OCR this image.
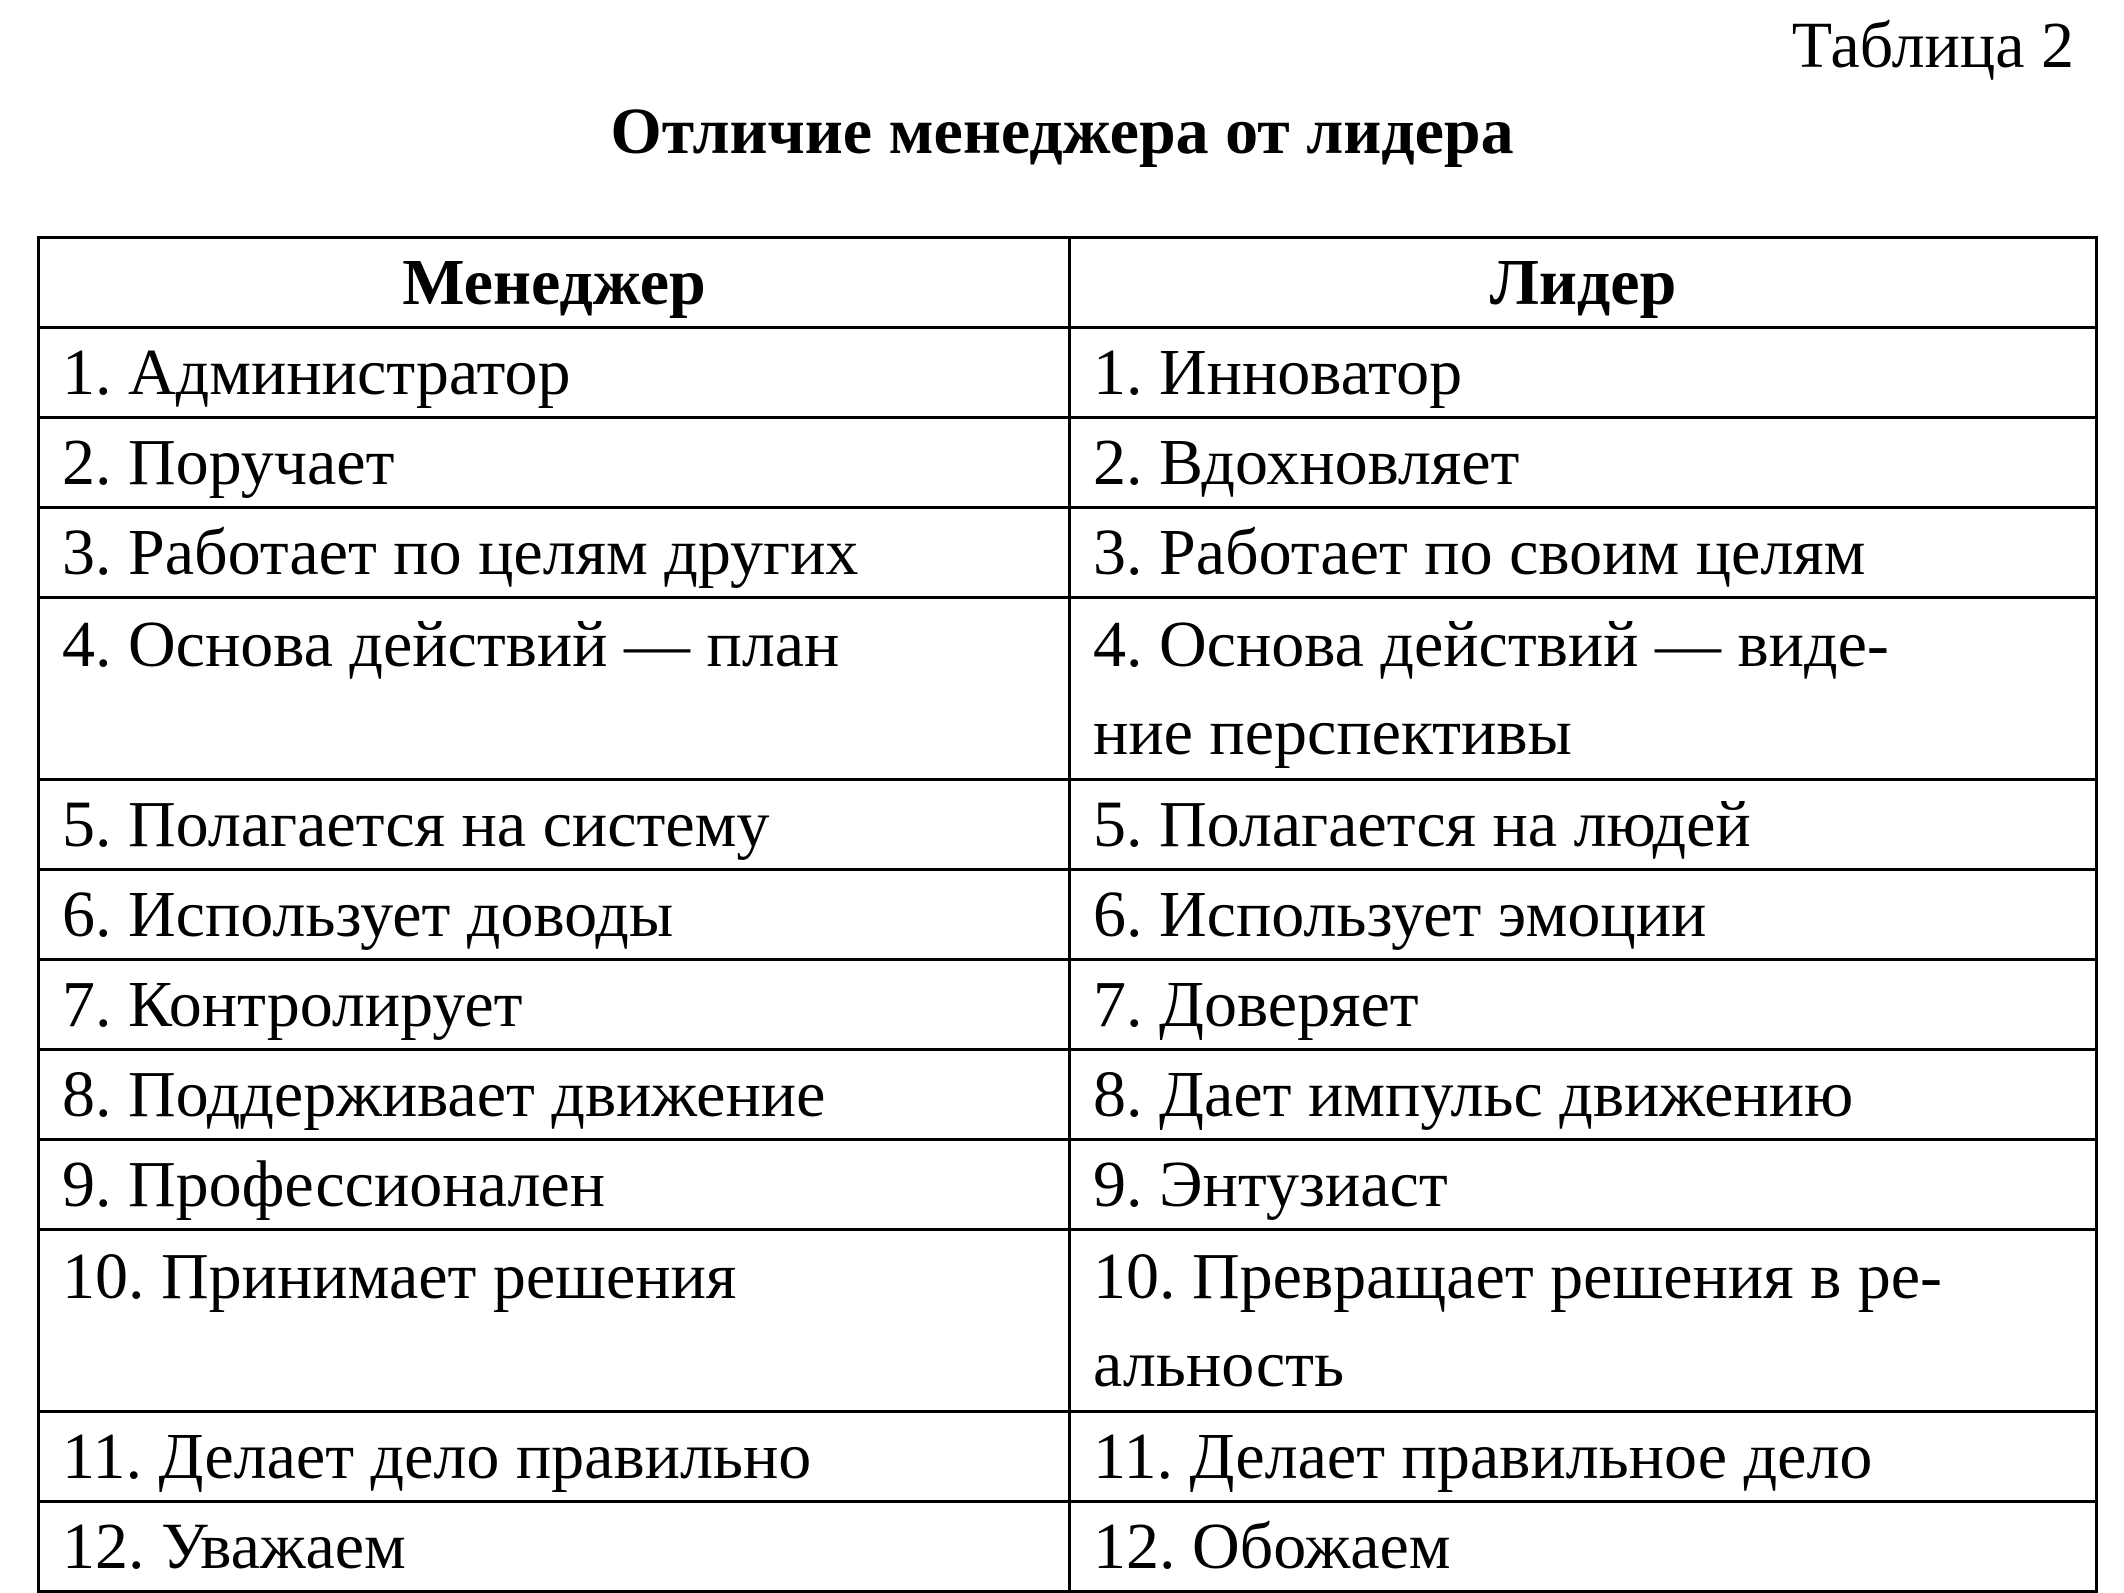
Таблица 2
Отличие менеджера от лидера
Менеджер	Лидер

1. Администратор	1. Инноватор

2. Поручает	2. Вдохновляет

3. Работает по целям других	3. Работает по своим целям

4. Основа действий — план	4. Основа действий — виде-
ние перспективы

5. Полагается на систему	5. Полагается на людей

6. Использует доводы	6. Использует эмоции

7. Контролирует	7. Доверяет

8. Поддерживает движение	8. Дает импульс движению

9. Профессионален	9. Энтузиаст

10. Принимает решения	10. Превращает решения в ре-
альность

11. Делает дело правильно	11. Делает правильное дело

12. Уважаем	12. Обожаем
